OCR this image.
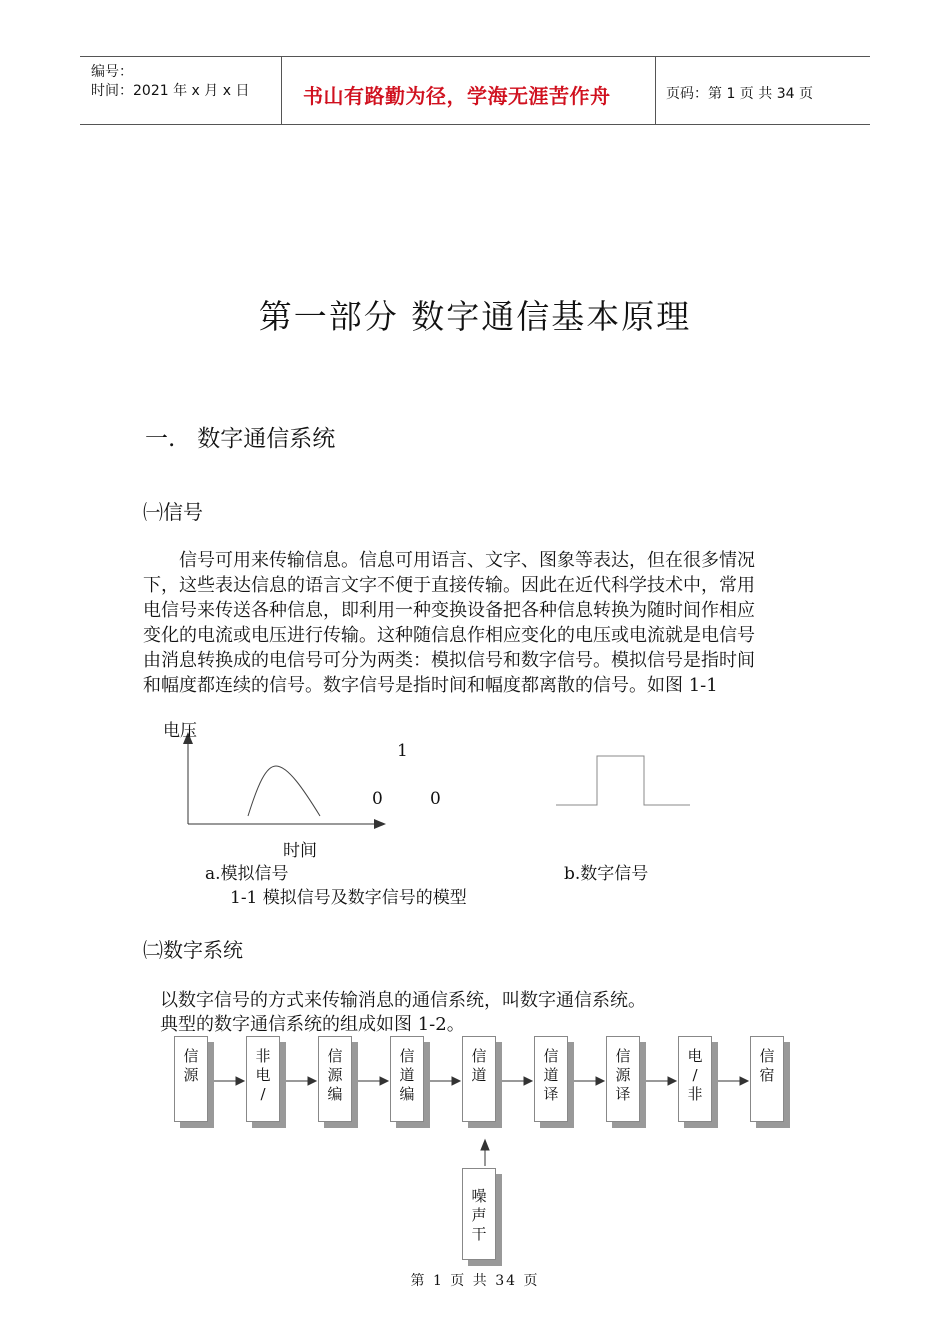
编号：
时间：2021 年 x 月 x 日	书山有路勤为径，学海无涯苦作舟	页码：第 1 页 共 34 页
第一部分 数字通信基本原理
一.   数字通信系统
㈠信号

　　信号可用来传输信息。信息可用语言、文字、图象等表达，但在很多情况

下，这些表达信息的语言文字不便于直接传输。因此在近代科学技术中，常用

电信号来传送各种信息，即利用一种变换设备把各种信息转换为随时间作相应

变化的电流或电压进行传输。这种随信息作相应变化的电压或电流就是电信号

由消息转换成的电信号可分为两类：模拟信号和数字信号。模拟信号是指时间

和幅度都连续的信号。数字信号是指时间和幅度都离散的信号。如图 1-1

电压
1
0	0
时间
a.模拟信号	b.数字信号
1-1 模拟信号及数字信号的模型
㈡数字系统
以数字信号的方式来传输消息的通信系统，叫数字通信系统。
典型的数字通信系统的组成如图 1-2。
信
源
非
电
/
信
源
编
信
道
编
信
道
信
道
译
信
源
译
电
/
非
信
宿
噪
声
干
第 1 页 共 34 页
